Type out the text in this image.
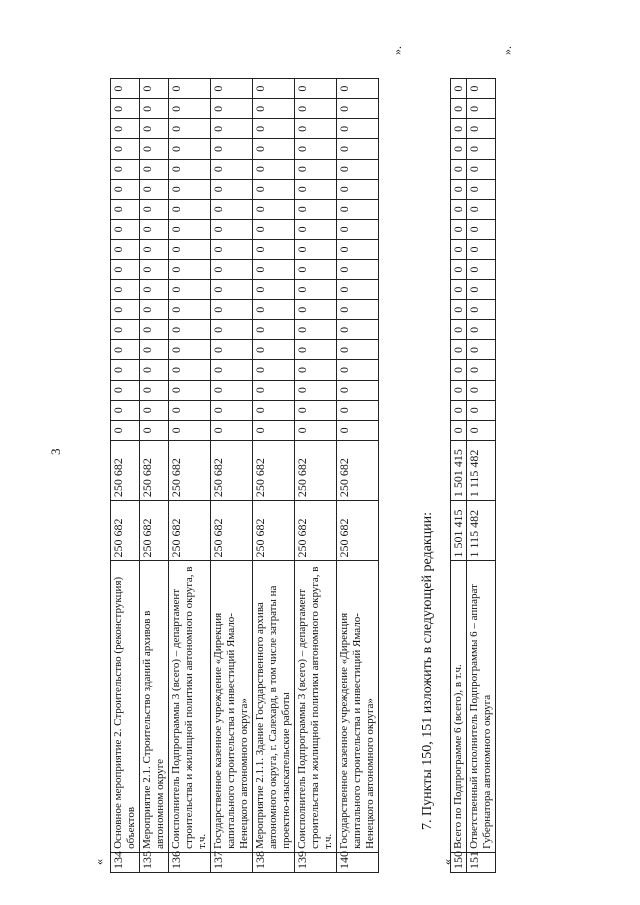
3
« 134	Основное мероприятие 2. Строительство (реконструкция) объектов	250 682	250 682	0	0	0	0	0	0	0	0	0	0	0	0	0	0	0	0	0	0
135	Мероприятие 2.1. Строительство зданий архивов в автономном округе	250 682	250 682	0	0	0	0	0	0	0	0	0	0	0	0	0	0	0	0	0	0
136	Соисполнитель Подпрограммы 3 (всего) – департамент строительства и жилищной политики автономного округа, в т.ч.	250 682	250 682	0	0	0	0	0	0	0	0	0	0	0	0	0	0	0	0	0	0
137	Государственное казенное учреждение «Дирекция капитального строительства и инвестиций Ямало-Ненецкого автономного округа»	250 682	250 682	0	0	0	0	0	0	0	0	0	0	0	0	0	0	0	0	0	0
138	Мероприятие 2.1.1. Здание Государственного архива автономного округа, г. Салехард, в том числе затраты на проектно-изыскательские работы	250 682	250 682	0	0	0	0	0	0	0	0	0	0	0	0	0	0	0	0	0	0
139	Соисполнитель Подпрограммы 3 (всего) – департамент строительства и жилищной политики автономного округа, в т.ч.	250 682	250 682	0	0	0	0	0	0	0	0	0	0	0	0	0	0	0	0	0	0
140	Государственное казенное учреждение «Дирекция капитального строительства и инвестиций Ямало-Ненецкого автономного округа»	250 682	250 682	0	0	0	0	0	0	0	0	0	0	0	0	0	0	0	0	0	0
».
7. Пункты 150, 151 изложить в следующей редакции:
«
150	Всего по Подпрограмме 6 (всего), в т.ч.	1 501 415	1 501 415	0	0	0	0	0	0	0	0	0	0	0	0	0	0	0	0	0	0
151	Ответственный исполнитель Подпрограммы 6 – аппарат Губернатора автономного округа	1 115 482	1 115 482	0	0	0	0	0	0	0	0	0	0	0	0	0	0	0	0	0	0
».
